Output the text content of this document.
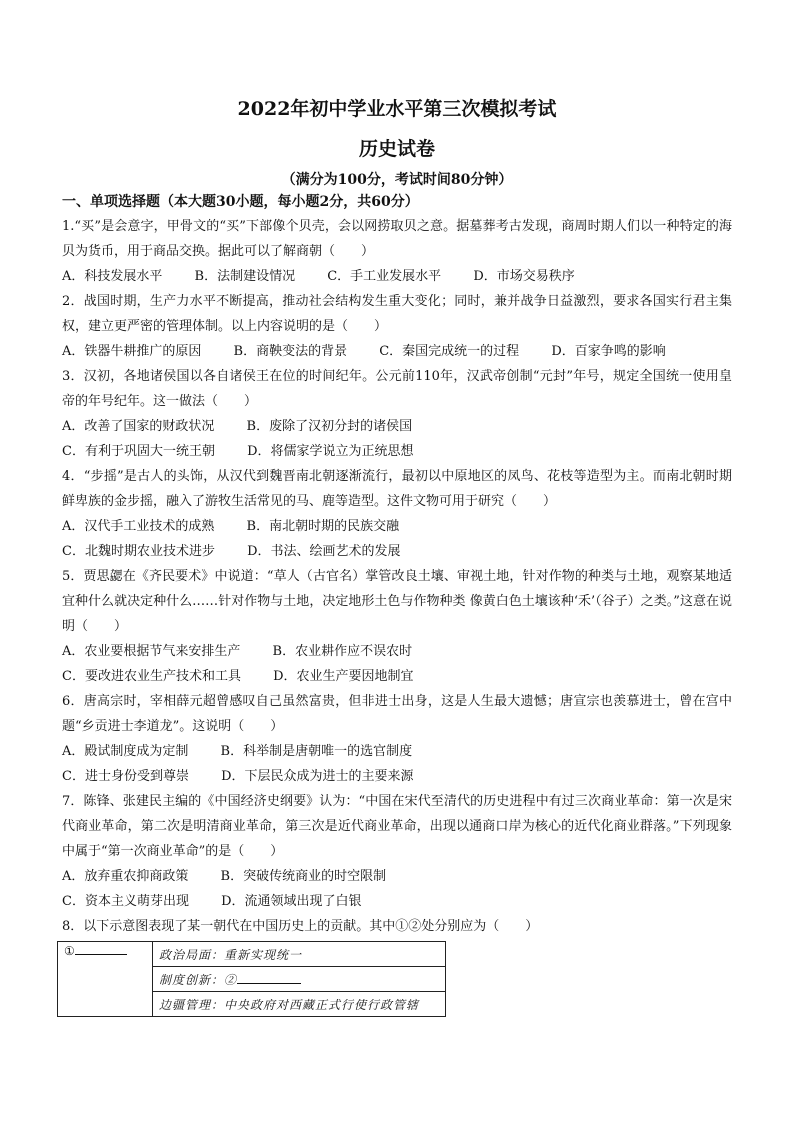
2022年初中学业水平第三次模拟考试

历史试卷

（满分为100分，考试时间80分钟）

一、单项选择题（本大题30小题，每小题2分，共60分）

1.“买”是会意字，甲骨文的“买”下部像个贝壳，会以网捞取贝之意。据墓葬考古发现，商周时期人们以一种特定的海贝为货币，用于商品交换。据此可以了解商朝（　　）

A．科技发展水平 B．法制建设情况 C．手工业发展水平 D．市场交易秩序

2．战国时期，生产力水平不断提高，推动社会结构发生重大变化；同时，兼并战争日益激烈，要求各国实行君主集权，建立更严密的管理体制。以上内容说明的是（　　）

A．铁器牛耕推广的原因 B．商鞅变法的背景 C．秦国完成统一的过程 D．百家争鸣的影响

3．汉初，各地诸侯国以各自诸侯王在位的时间纪年。公元前110年，汉武帝创制“元封”年号，规定全国统一使用皇帝的年号纪年。这一做法（　　）

A．改善了国家的财政状况 B．废除了汉初分封的诸侯国

C．有利于巩固大一统王朝 D．将儒家学说立为正统思想

4．“步摇”是古人的头饰，从汉代到魏晋南北朝逐渐流行，最初以中原地区的凤鸟、花枝等造型为主。而南北朝时期鲜卑族的金步摇，融入了游牧生活常见的马、鹿等造型。这件文物可用于研究（　　）

A．汉代手工业技术的成熟 B．南北朝时期的民族交融

C．北魏时期农业技术进步 D．书法、绘画艺术的发展

5．贾思勰在《齐民要术》中说道：“草人（古官名）掌管改良土壤、审视土地，针对作物的种类与土地，观察某地适宜种什么就决定种什么……针对作物与土地，决定地形土色与作物种类 像黄白色土壤该种‘禾’（谷子）之类。”这意在说明（　　）

A．农业要根据节气来安排生产 B．农业耕作应不误农时

C．要改进农业生产技术和工具 D．农业生产要因地制宜

6．唐高宗时，宰相薛元超曾感叹自己虽然富贵，但非进士出身，这是人生最大遗憾；唐宣宗也羡慕进士，曾在宫中题“乡贡进士李道龙”。这说明（　　）

A．殿试制度成为定制 B．科举制是唐朝唯一的选官制度

C．进士身份受到尊崇 D．下层民众成为进士的主要来源

7．陈锋、张建民主编的《中国经济史纲要》认为：“中国在宋代至清代的历史进程中有过三次商业革命：第一次是宋代商业革命，第二次是明清商业革命，第三次是近代商业革命，出现以通商口岸为核心的近代化商业群落。”下列现象中属于“第一次商业革命”的是（　　）

A．放弃重农抑商政策 B．突破传统商业的时空限制

C．资本主义萌芽出现 D．流通领域出现了白银

8．以下示意图表现了某一朝代在中国历史上的贡献。其中①②处分别应为（　　）

①	政治局面：重新实现统一
制度创新：②
边疆管理：中央政府对西藏正式行使行政管辖
